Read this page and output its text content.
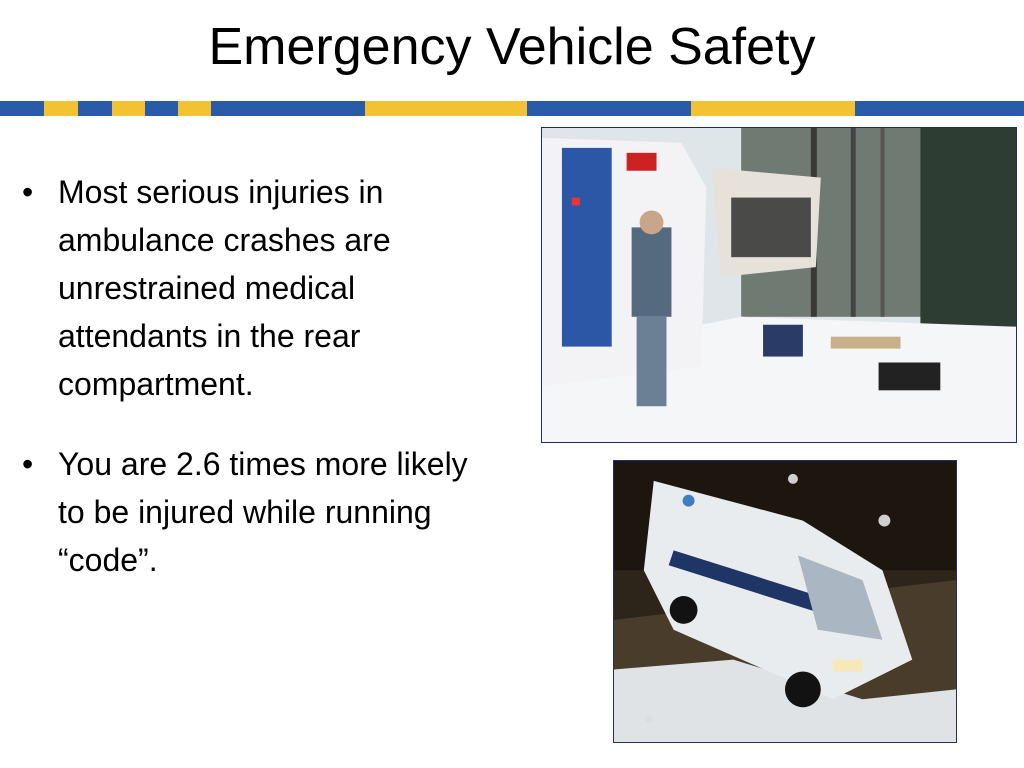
Emergency Vehicle Safety
• Most serious injuries in ambulance crashes are unrestrained medical attendants in the rear compartment.
• You are 2.6 times more likely to be injured while running “code”.
